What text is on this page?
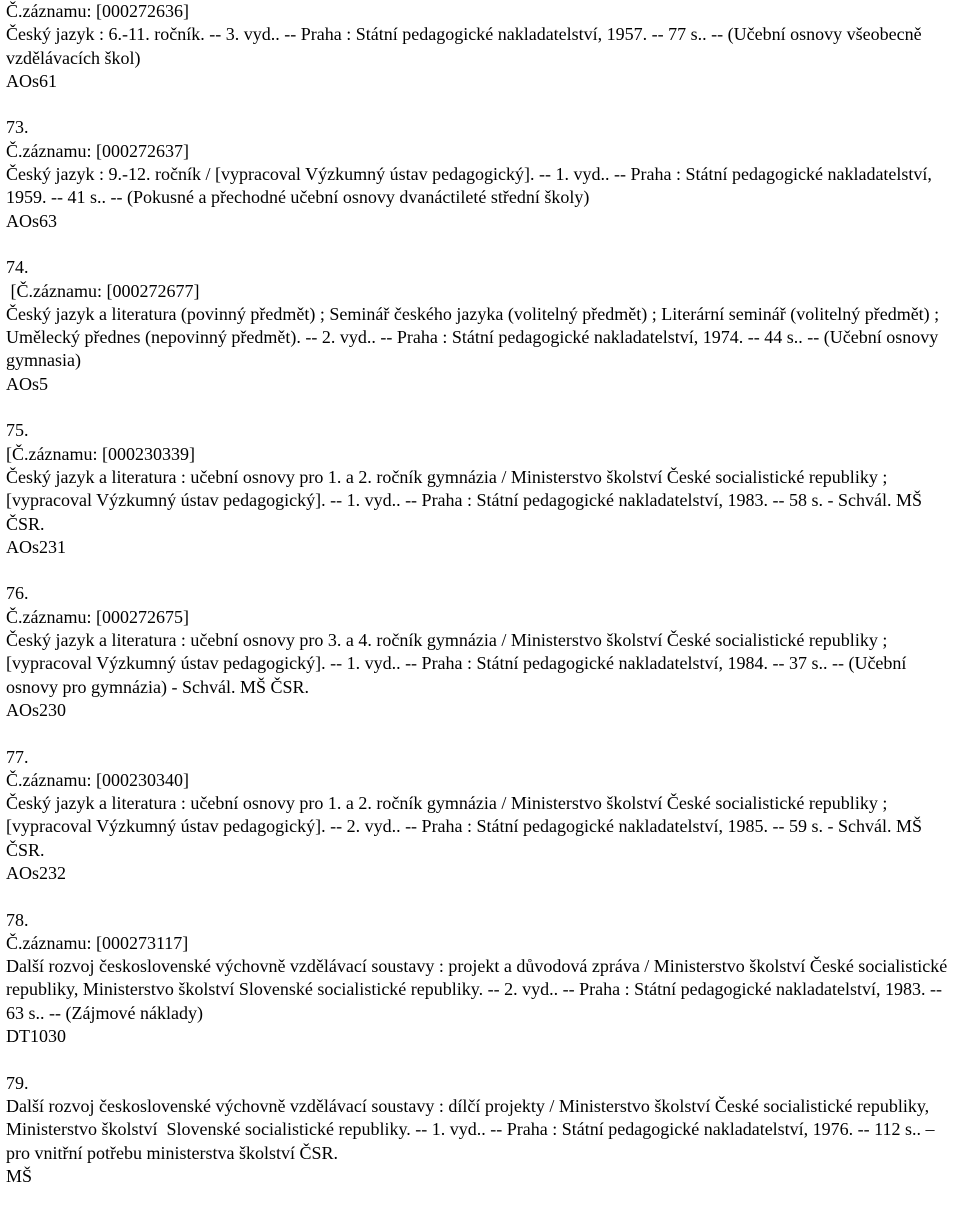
Č.záznamu: [000272636]
Český jazyk : 6.-11. ročník. -- 3. vyd.. -- Praha : Státní pedagogické nakladatelství, 1957. -- 77 s.. -- (Učební osnovy všeobecně vzdělávacích škol)
AOs61
73.
Č.záznamu: [000272637]
Český jazyk : 9.-12. ročník / [vypracoval Výzkumný ústav pedagogický]. -- 1. vyd.. -- Praha : Státní pedagogické nakladatelství, 1959. -- 41 s.. -- (Pokusné a přechodné učební osnovy dvanáctileté střední školy)
AOs63
74.
[Č.záznamu: [000272677]
Český jazyk a literatura (povinný předmět) ; Seminář českého jazyka (volitelný předmět) ; Literární seminář (volitelný předmět) ; Umělecký přednes (nepovinný předmět). -- 2. vyd.. -- Praha : Státní pedagogické nakladatelství, 1974. -- 44 s.. -- (Učební osnovy gymnasia)
AOs5
75.
[Č.záznamu: [000230339]
Český jazyk a literatura : učební osnovy pro 1. a 2. ročník gymnázia / Ministerstvo školství České socialistické republiky ; [vypracoval Výzkumný ústav pedagogický]. -- 1. vyd.. -- Praha : Státní pedagogické nakladatelství, 1983. -- 58 s. - Schvál. MŠ ČSR.
AOs231
76.
Č.záznamu: [000272675]
Český jazyk a literatura : učební osnovy pro 3. a 4. ročník gymnázia / Ministerstvo školství České socialistické republiky ; [vypracoval Výzkumný ústav pedagogický]. -- 1. vyd.. -- Praha : Státní pedagogické nakladatelství, 1984. -- 37 s.. -- (Učební osnovy pro gymnázia) - Schvál. MŠ ČSR.
AOs230
77.
Č.záznamu: [000230340]
Český jazyk a literatura : učební osnovy pro 1. a 2. ročník gymnázia / Ministerstvo školství České socialistické republiky ; [vypracoval Výzkumný ústav pedagogický]. -- 2. vyd.. -- Praha : Státní pedagogické nakladatelství, 1985. -- 59 s. - Schvál. MŠ ČSR.
AOs232
78.
Č.záznamu: [000273117]
Další rozvoj československé výchovně vzdělávací soustavy : projekt a důvodová zpráva / Ministerstvo školství České socialistické republiky, Ministerstvo školství Slovenské socialistické republiky. -- 2. vyd.. -- Praha : Státní pedagogické nakladatelství, 1983. -- 63 s.. -- (Zájmové náklady)
DT1030
79.
Další rozvoj československé výchovně vzdělávací soustavy : dílčí projekty / Ministerstvo školství České socialistické republiky, Ministerstvo školství  Slovenské socialistické republiky. -- 1. vyd.. -- Praha : Státní pedagogické nakladatelství, 1976. -- 112 s.. – pro vnitřní potřebu ministerstva školství ČSR.
MŠ
